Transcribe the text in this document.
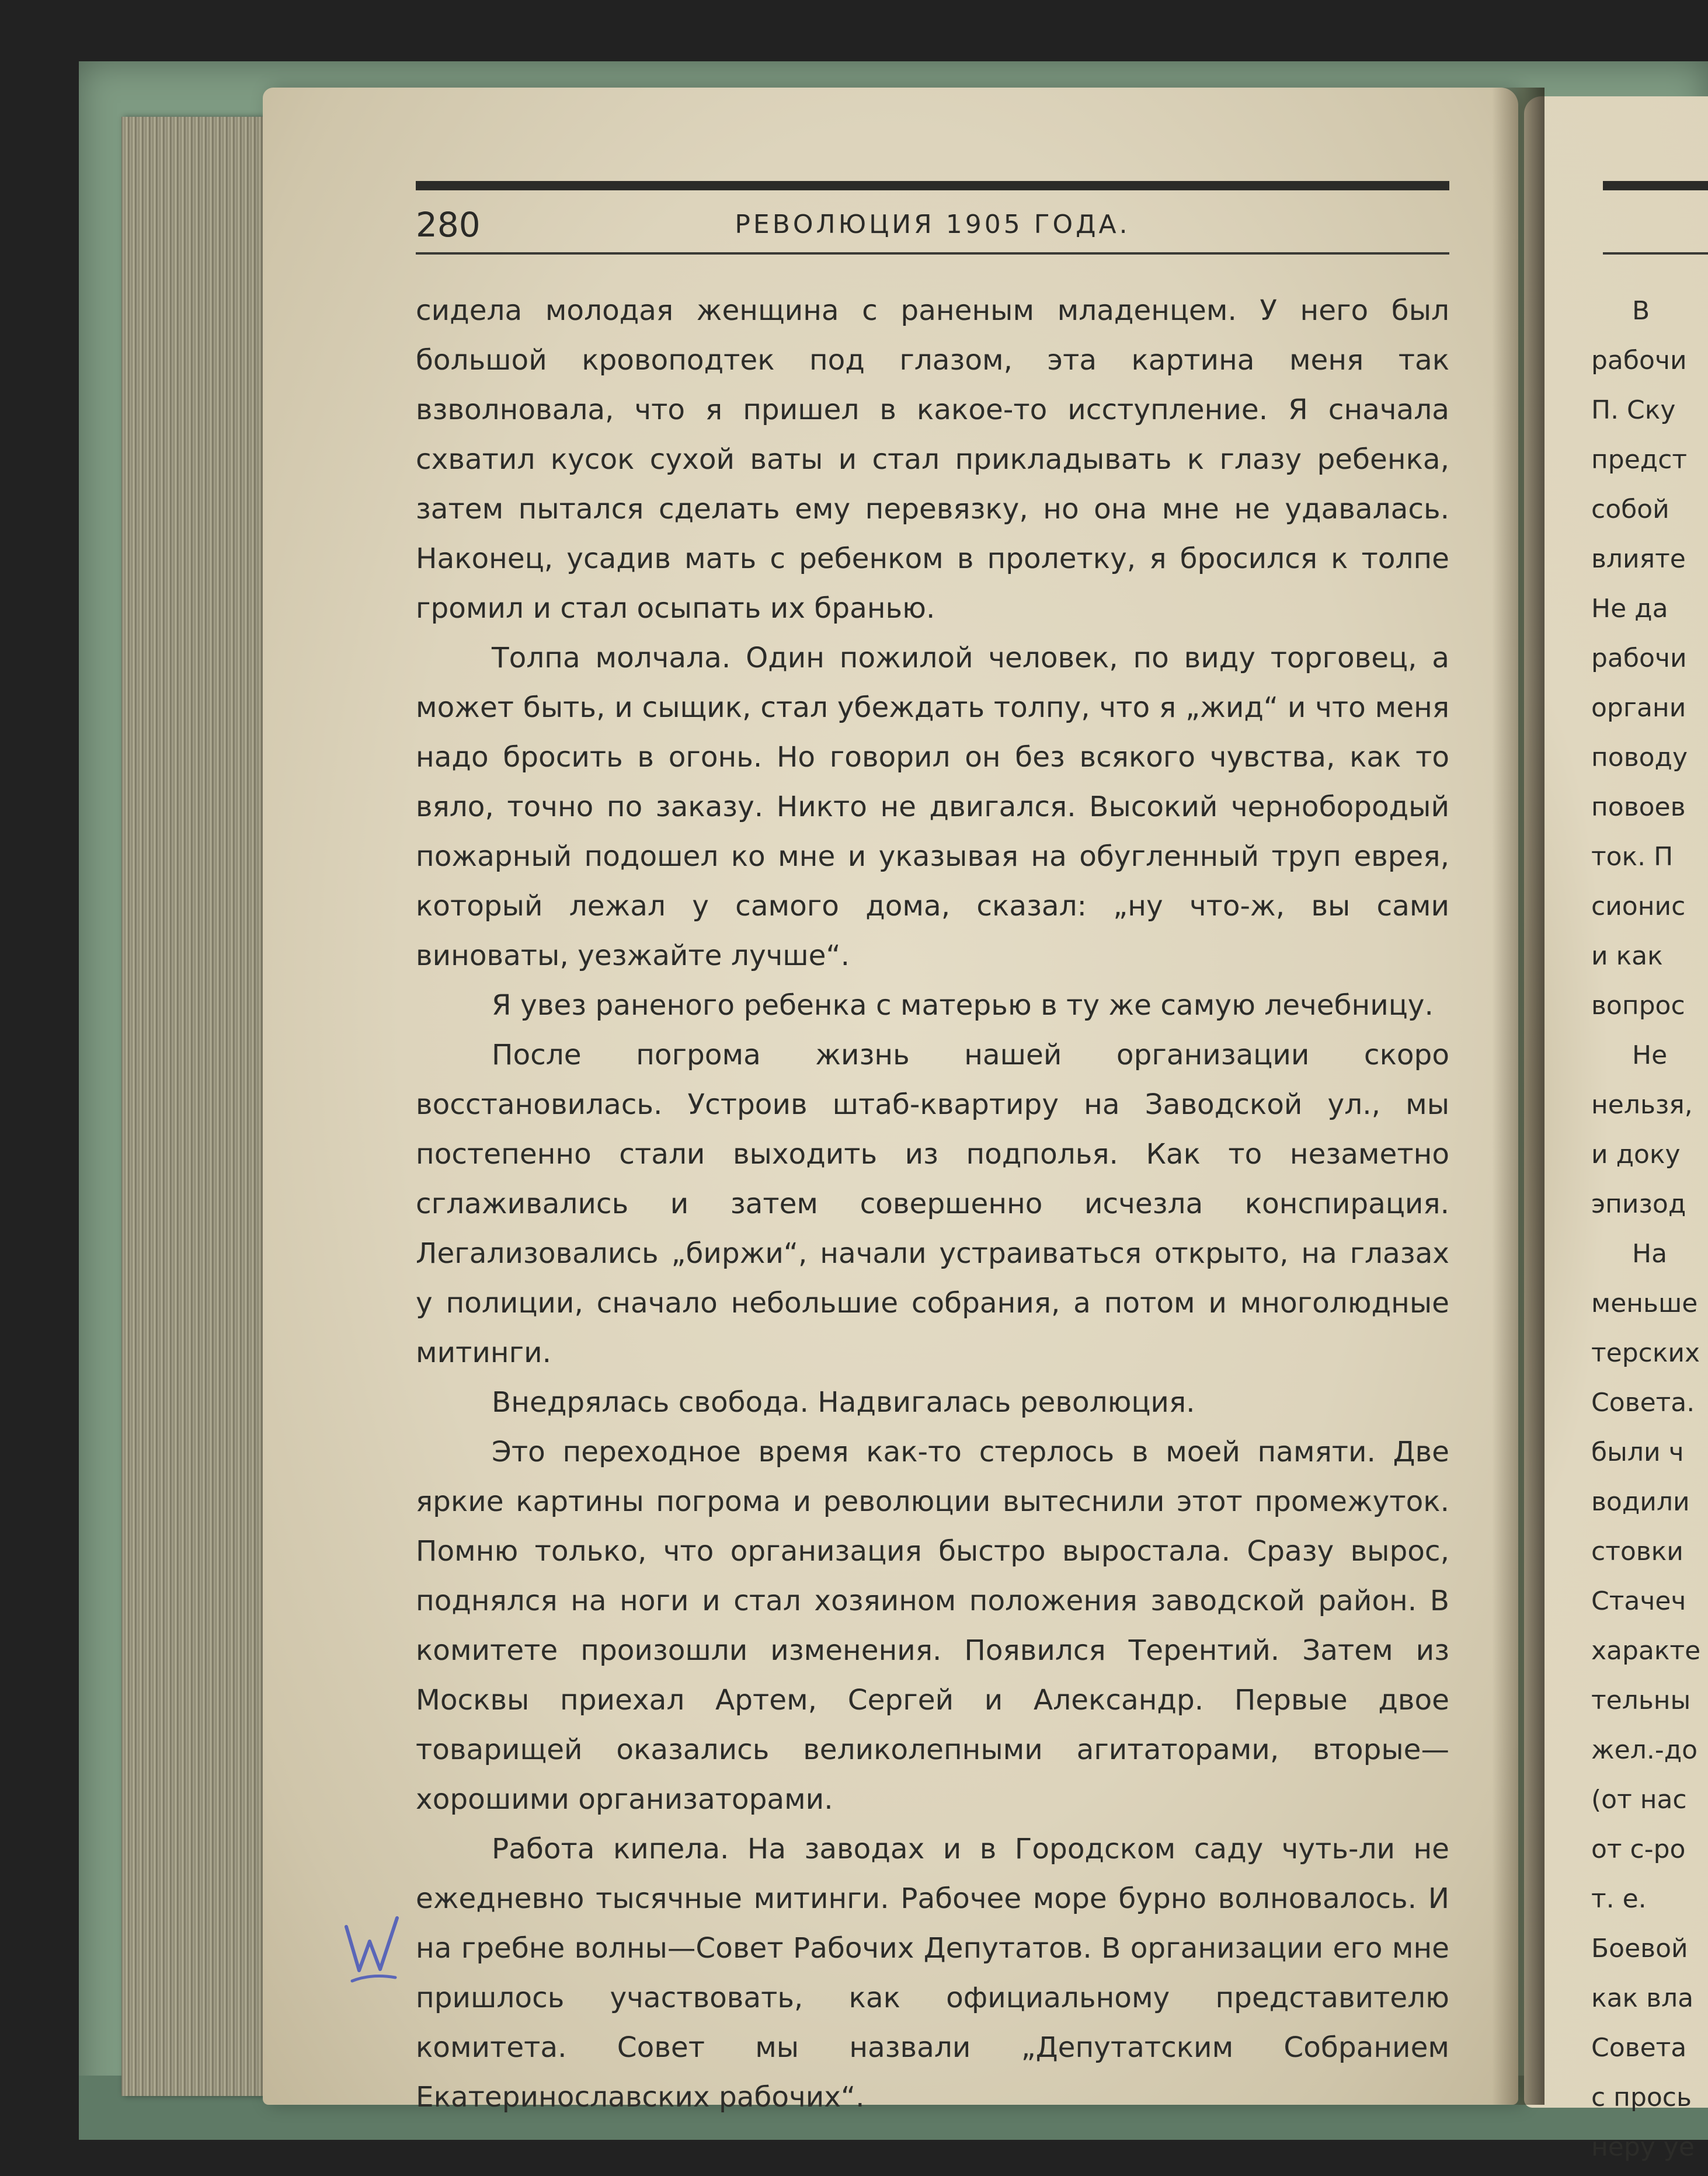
280	РЕВОЛЮЦИЯ 1905 ГОДА.

сидела молодая женщина с раненым младенцем. У него был большой кровоподтек под глазом, эта картина меня так взволновала, что я пришел в какое-то исступление. Я сначала схватил кусок сухой ваты и стал прикладывать к глазу ребенка, затем пытался сделать ему перевязку, но она мне не удавалась. Наконец, усадив мать с ребенком в пролетку, я бросился к толпе громил и стал осыпать их бранью.

Толпа молчала. Один пожилой человек, по виду торговец, а может быть, и сыщик, стал убеждать толпу, что я „жид“ и что меня надо бросить в огонь. Но говорил он без всякого чувства, как то вяло, точно по заказу. Никто не двигался. Высокий чернобородый пожарный подошел ко мне и указывая на обугленный труп еврея, который лежал у самого дома, сказал: „ну что-ж, вы сами виноваты, уезжайте лучше“.

Я увез раненого ребенка с матерью в ту же самую лечебницу.

После погрома жизнь нашей организации скоро восстановилась. Устроив штаб-квартиру на Заводской ул., мы постепенно стали выходить из подполья. Как то незаметно сглаживались и затем совершенно исчезла конспирация. Легализовались „биржи“, начали устраиваться открыто, на глазах у полиции, сначало небольшие собрания, а потом и многолюдные митинги.

Внедрялась свобода. Надвигалась революция.

Это переходное время как-то стерлось в моей памяти. Две яркие картины погрома и революции вытеснили этот промежуток. Помню только, что организация быстро выростала. Сразу вырос, поднялся на ноги и стал хозяином положения заводской район. В комитете произошли изменения. Появился Терентий. Затем из Москвы приехал Артем, Сергей и Александр. Первые двое товарищей оказались великолепными агитаторами, вторые—хорошими организаторами.

Работа кипела. На заводах и в Городском саду чуть-ли не ежедневно тысячные митинги. Рабочее море бурно волновалось. И на гребне волны—Совет Рабочих Депутатов. В организации его мне пришлось участвовать, как официальному представителю комитета. Совет мы назвали „Депутатским Собранием Екатеринославских рабочих“.

В
рабочи
П. Ску
предст
собой
влияте
Не да
рабочи
органи
поводу
повоев
ток. П
сионис
и как
вопрос
Не
нельзя,
и доку
эпизод
На
меньше
терских
Совета.
были ч
водили
стовки
Стачеч
характе
тельны
жел.-до
(от нас
от с-ро
т. е.
Боевой
как вла
Совета
с прось
неру уе
